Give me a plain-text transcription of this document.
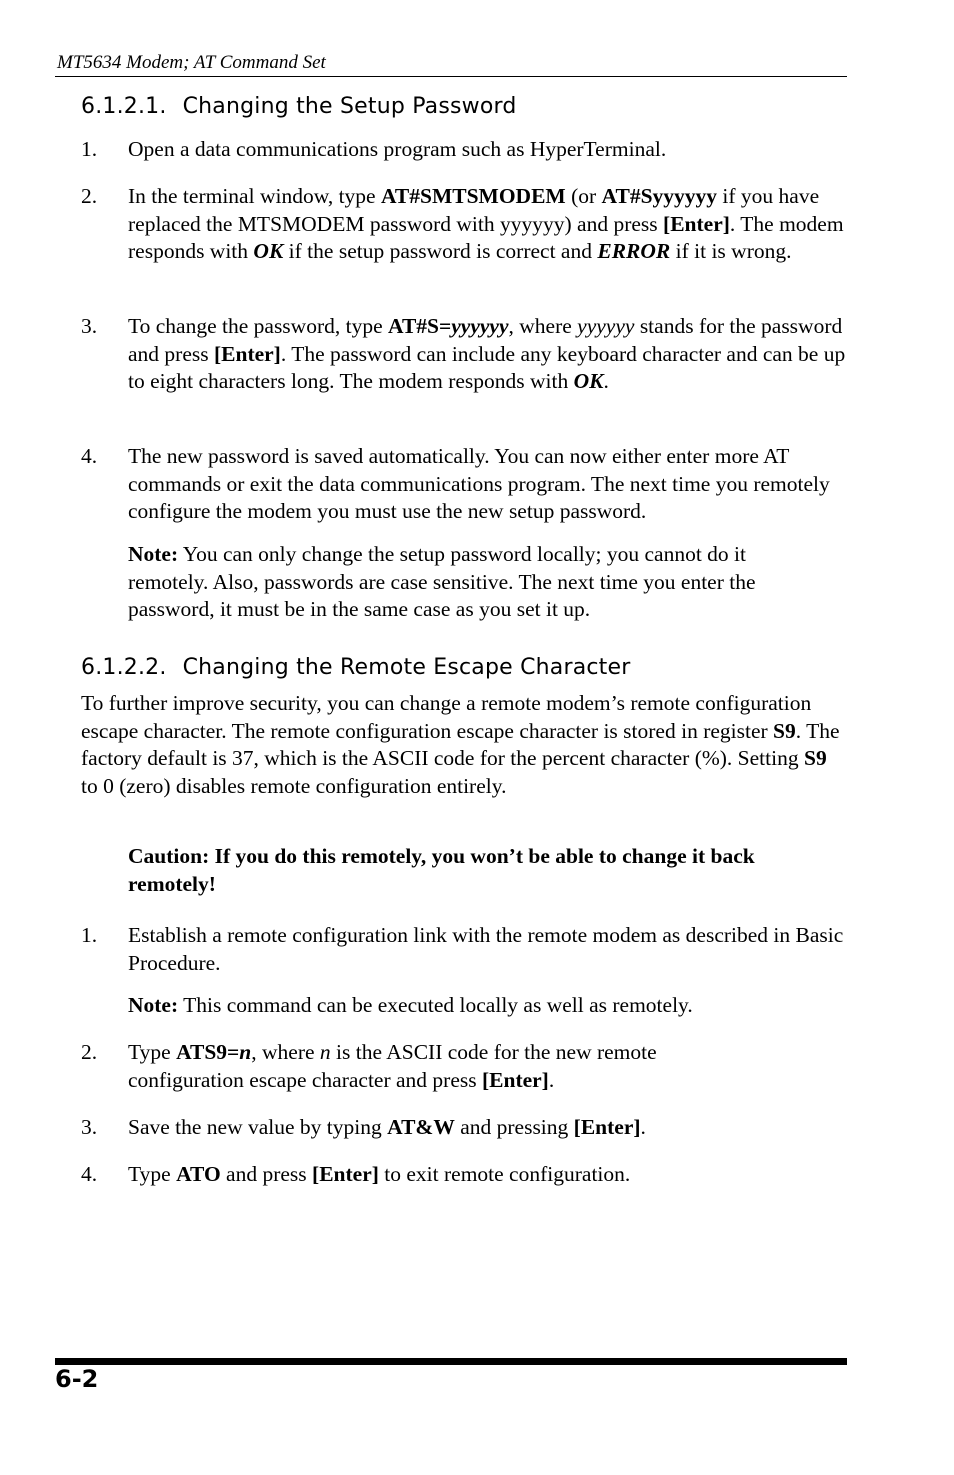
MT5634 Modem; AT Command Set
6.1.2.1. Changing the Setup Password
1. Open a data communications program such as HyperTerminal.
2. In the terminal window, type AT#SMTSMODEM (or AT#Syyyyyy if you have replaced the MTSMODEM password with yyyyyy) and press [Enter]. The modem responds with OK if the setup password is correct and ERROR if it is wrong.
3. To change the password, type AT#S=yyyyyy, where yyyyyy stands for the password and press [Enter]. The password can include any keyboard character and can be up to eight characters long. The modem responds with OK.
4. The new password is saved automatically. You can now either enter more AT commands or exit the data communications program. The next time you remotely configure the modem you must use the new setup password.
Note: You can only change the setup password locally; you cannot do it remotely. Also, passwords are case sensitive. The next time you enter the password, it must be in the same case as you set it up.
6.1.2.2. Changing the Remote Escape Character
To further improve security, you can change a remote modem’s remote configuration escape character. The remote configuration escape character is stored in register S9. The factory default is 37, which is the ASCII code for the percent character (%). Setting S9 to 0 (zero) disables remote configuration entirely.
Caution: If you do this remotely, you won’t be able to change it back remotely!
1. Establish a remote configuration link with the remote modem as described in Basic Procedure.
Note: This command can be executed locally as well as remotely.
2. Type ATS9=n, where n is the ASCII code for the new remote configuration escape character and press [Enter].
3. Save the new value by typing AT&W and pressing [Enter].
4. Type ATO and press [Enter] to exit remote configuration.
6-2
